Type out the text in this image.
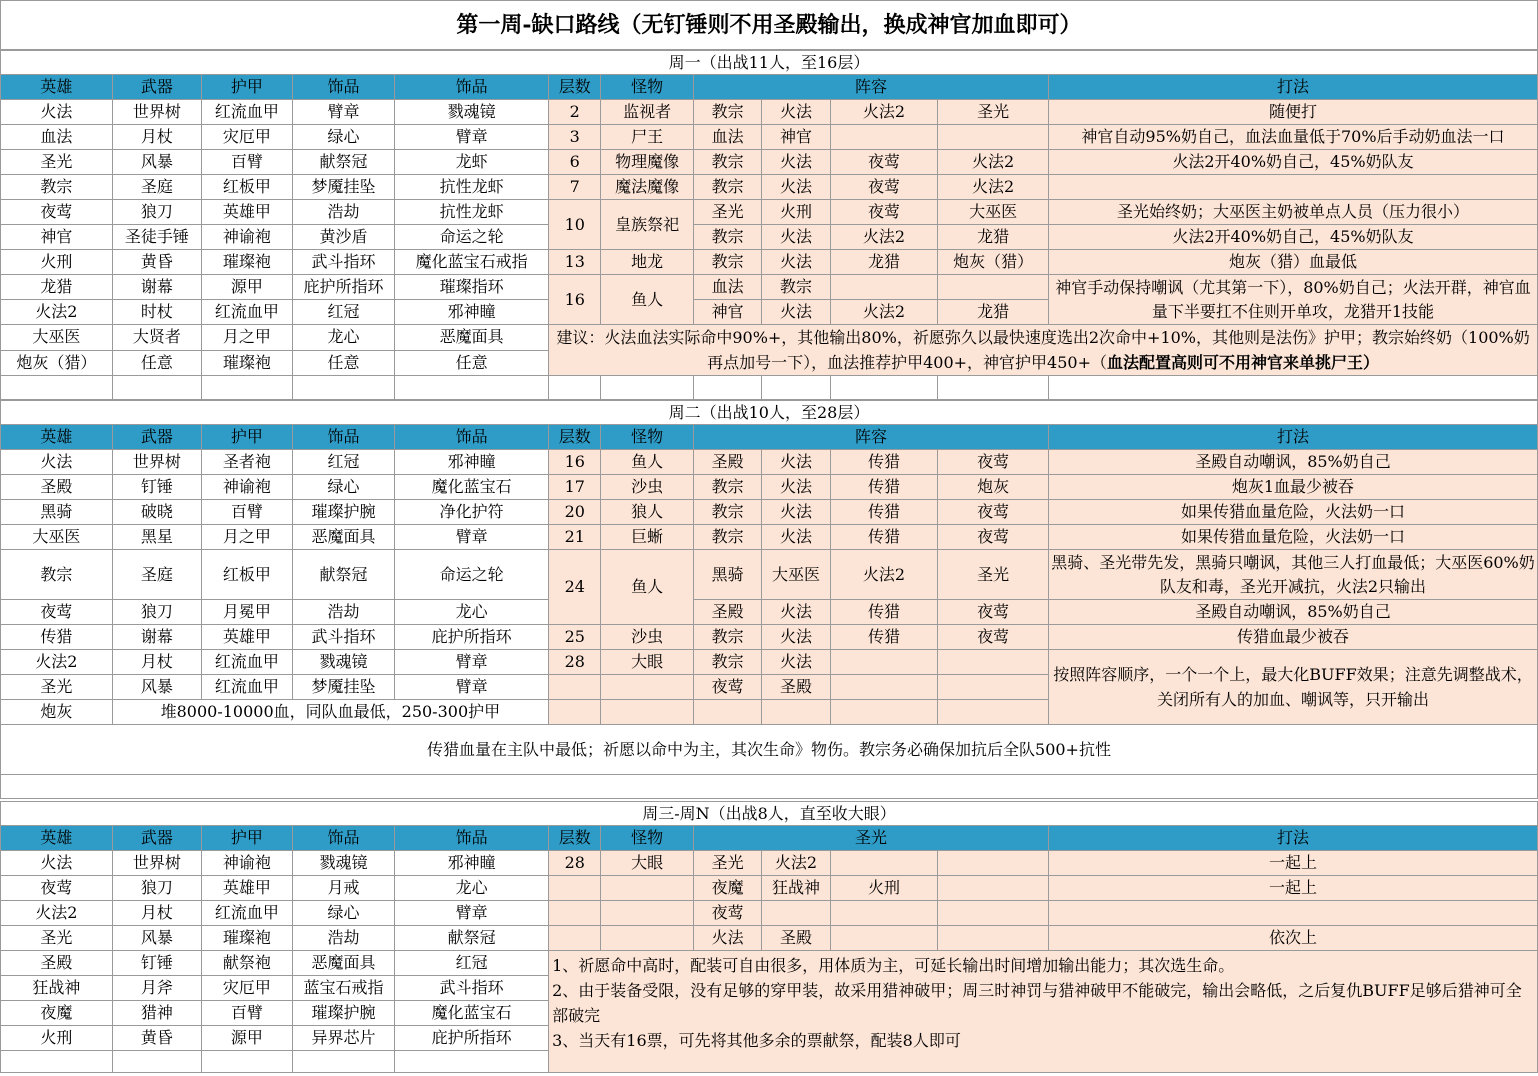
第一周-缺口路线（无钉锤则不用圣殿输出，换成神官加血即可）
周一（出战11人，至16层）											
英雄	武器	护甲	饰品	饰品	层数	怪物	阵容				打法
火法	世界树	红流血甲	臂章	戮魂镜	2	监视者	教宗	火法	火法2	圣光	随便打
血法	月杖	灾厄甲	绿心	臂章	3	尸王	血法	神官			神官自动95%奶自己，血法血量低于70%后手动奶血法一口
圣光	风暴	百臂	献祭冠	龙虾	6	物理魔像	教宗	火法	夜莺	火法2	火法2开40%奶自己，45%奶队友
教宗	圣庭	红板甲	梦魇挂坠	抗性龙虾	7	魔法魔像	教宗	火法	夜莺	火法2	
夜莺	狼刀	英雄甲	浩劫	抗性龙虾	10	皇族祭祀	圣光	火刑	夜莺	大巫医	圣光始终奶；大巫医主奶被单点人员（压力很小）
神官	圣徒手锤	神谕袍	黄沙盾	命运之轮			教宗	火法	火法2	龙猎	火法2开40%奶自己，45%奶队友
火刑	黄昏	璀璨袍	武斗指环	魔化蓝宝石戒指	13	地龙	教宗	火法	龙猎	炮灰（猎）	炮灰（猎）血最低
龙猎	谢幕	源甲	庇护所指环	璀璨指环	16	鱼人	血法	教宗			神官手动保持嘲讽（尤其第一下），80%奶自己；火法开群，神官血量下半要扛不住则开单攻，龙猎开1技能
火法2	时杖	红流血甲	红冠	邪神瞳			神官	火法	火法2	龙猎	
大巫医	大贤者	月之甲	龙心	恶魔面具	建议：火法血法实际命中90%+，其他输出80%，祈愿弥久以最快速度选出2次命中+10%，其他则是法伤》护甲；教宗始终奶（100%奶再点加号一下），血法推荐护甲400+，神官护甲450+（血法配置高则可不用神官来单挑尸王）						
炮灰（猎）	任意	璀璨袍	任意	任意							

周二（出战10人，至28层）											
英雄	武器	护甲	饰品	饰品	层数	怪物	阵容				打法
火法	世界树	圣者袍	红冠	邪神瞳	16	鱼人	圣殿	火法	传猎	夜莺	圣殿自动嘲讽，85%奶自己
圣殿	钉锤	神谕袍	绿心	魔化蓝宝石	17	沙虫	教宗	火法	传猎	炮灰	炮灰1血最少被吞
黑骑	破晓	百臂	璀璨护腕	净化护符	20	狼人	教宗	火法	传猎	夜莺	如果传猎血量危险，火法奶一口
大巫医	黑星	月之甲	恶魔面具	臂章	21	巨蜥	教宗	火法	传猎	夜莺	如果传猎血量危险，火法奶一口
教宗	圣庭	红板甲	献祭冠	命运之轮	24	鱼人	黑骑	大巫医	火法2	圣光	黑骑、圣光带先发，黑骑只嘲讽，其他三人打血最低；大巫医60%奶队友和毒，圣光开减抗，火法2只输出
夜莺	狼刀	月冕甲	浩劫	龙心			圣殿	火法	传猎	夜莺	圣殿自动嘲讽，85%奶自己
传猎	谢幕	英雄甲	武斗指环	庇护所指环	25	沙虫	教宗	火法	传猎	夜莺	传猎血最少被吞
火法2	月杖	红流血甲	戮魂镜	臂章	28	大眼	教宗	火法			按照阵容顺序，一个一个上，最大化BUFF效果；注意先调整战术，关闭所有人的加血、嘲讽等，只开输出
圣光	风暴	红流血甲	梦魇挂坠	臂章			夜莺	圣殿			
炮灰	堆8000-10000血，同队血最低，250-300护甲										
传猎血量在主队中最低；祈愿以命中为主，其次生命》物伤。教宗务必确保加抗后全队500+抗性											

周三-周N（出战8人，直至收大眼）											
英雄	武器	护甲	饰品	饰品	层数	怪物	圣光				打法
火法	世界树	神谕袍	戮魂镜	邪神瞳	28	大眼	圣光	火法2			一起上
夜莺	狼刀	英雄甲	月戒	龙心			夜魔	狂战神	火刑		一起上
火法2	月杖	红流血甲	绿心	臂章			夜莺				
圣光	风暴	璀璨袍	浩劫	献祭冠			火法	圣殿			依次上
圣殿	钉锤	献祭袍	恶魔面具	红冠	1、祈愿命中高时，配装可自由很多，用体质为主，可延长输出时间增加输出能力；其次选生命。
2、由于装备受限，没有足够的穿甲装，故采用猎神破甲；周三时神罚与猎神破甲不能破完，输出会略低，之后复仇BUFF足够后猎神可全部破完
3、当天有16票，可先将其他多余的票献祭，配装8人即可						

狂战神	月斧	灾厄甲	蓝宝石戒指	武斗指环							
夜魔	猎神	百臂	璀璨护腕	魔化蓝宝石							
火刑	黄昏	源甲	异界芯片	庇护所指环							
